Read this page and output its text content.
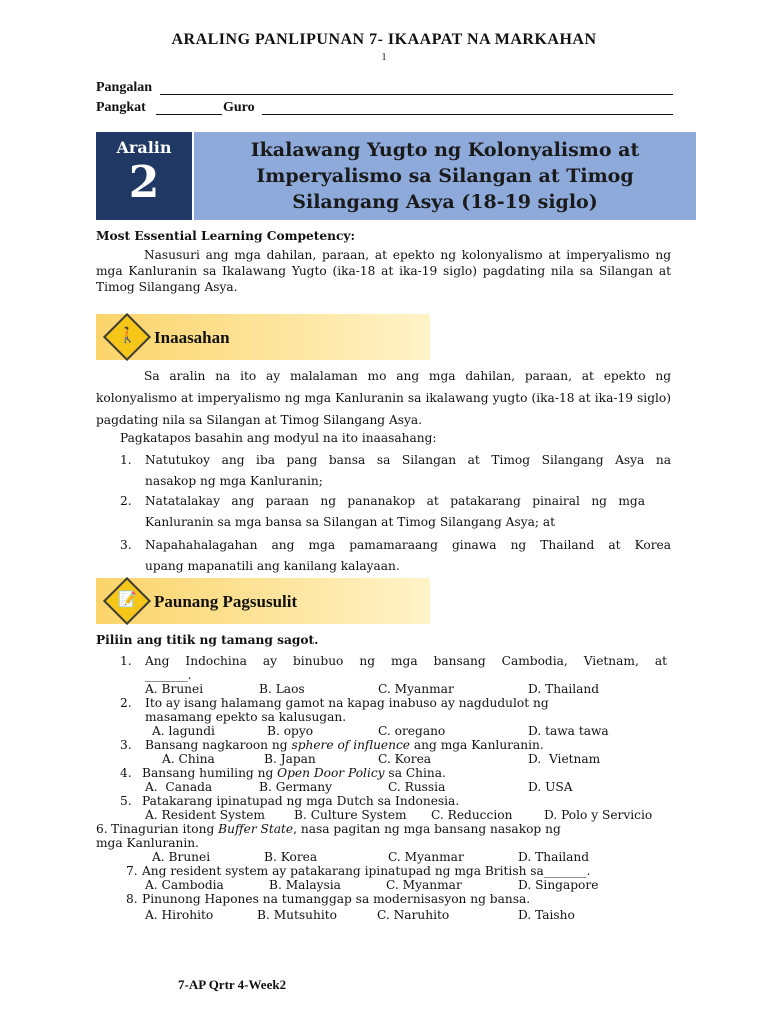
ARALING PANLIPUNAN 7- IKAAPAT NA MARKAHAN
1
Pangalan
Pangkat	Guro
Aralin
2
Ikalawang Yugto ng Kolonyalismo at
Imperyalismo sa Silangan at Timog
Silangang Asya (18-19 siglo)
Most Essential Learning Competency:
Nasusuri ang mga dahilan, paraan, at epekto ng kolonyalismo at imperyalismo ng mga Kanluranin sa Ikalawang Yugto (ika-18 at ika-19 siglo) pagdating nila sa Silangan at Timog Silangang Asya.
🚶 Inaasahan
Sa aralin na ito ay malalaman mo ang mga dahilan, paraan, at epekto ng kolonyalismo at imperyalismo ng mga Kanluranin sa ikalawang yugto (ika-18 at ika-19 siglo) pagdating nila sa Silangan at Timog Silangang Asya.
Pagkatapos basahin ang modyul na ito inaasahang:
1. Natutukoy ang iba pang bansa sa Silangan at Timog Silangang Asya na
nasakop ng mga Kanluranin;
2. Natatalakay ang paraan ng pananakop at patakarang pinairal ng mga
Kanluranin sa mga bansa sa Silangan at Timog Silangang Asya; at
3. Napahahalagahan ang mga pamamaraang ginawa ng Thailand at Korea
upang mapanatili ang kanilang kalayaan.
📝 Paunang Pagsusulit
Piliin ang titik ng tamang sagot.
1. Ang Indochina ay binubuo ng mga bansang Cambodia, Vietnam, at
_______.
A. Brunei	B. Laos	C. Myanmar	D. Thailand
2. Ito ay isang halamang gamot na kapag inabuso ay nagdudulot ng
masamang epekto sa kalusugan.
A. lagundi	B. opyo	C. oregano	D. tawa tawa
3. Bansang nagkaroon ng sphere of influence ang mga Kanluranin.
A. China	B. Japan	C. Korea	D.  Vietnam
4. Bansang humiling ng Open Door Policy sa China.
A.  Canada	B. Germany	C. Russia	D. USA
5. Patakarang ipinatupad ng mga Dutch sa Indonesia.
A. Resident System B. Culture System C. Reduccion	D. Polo y Servicio
6. Tinagurian itong Buffer State, nasa pagitan ng mga bansang nasakop ng
mga Kanluranin.
A. Brunei	B. Korea	C. Myanmar	D. Thailand
7. Ang resident system ay patakarang ipinatupad ng mga British sa_______.
A. Cambodia	B. Malaysia	C. Myanmar	D. Singapore
8. Pinunong Hapones na tumanggap sa modernisasyon ng bansa.
A. Hirohito	B. Mutsuhito	C. Naruhito	D. Taisho
7-AP Qrtr 4-Week2
